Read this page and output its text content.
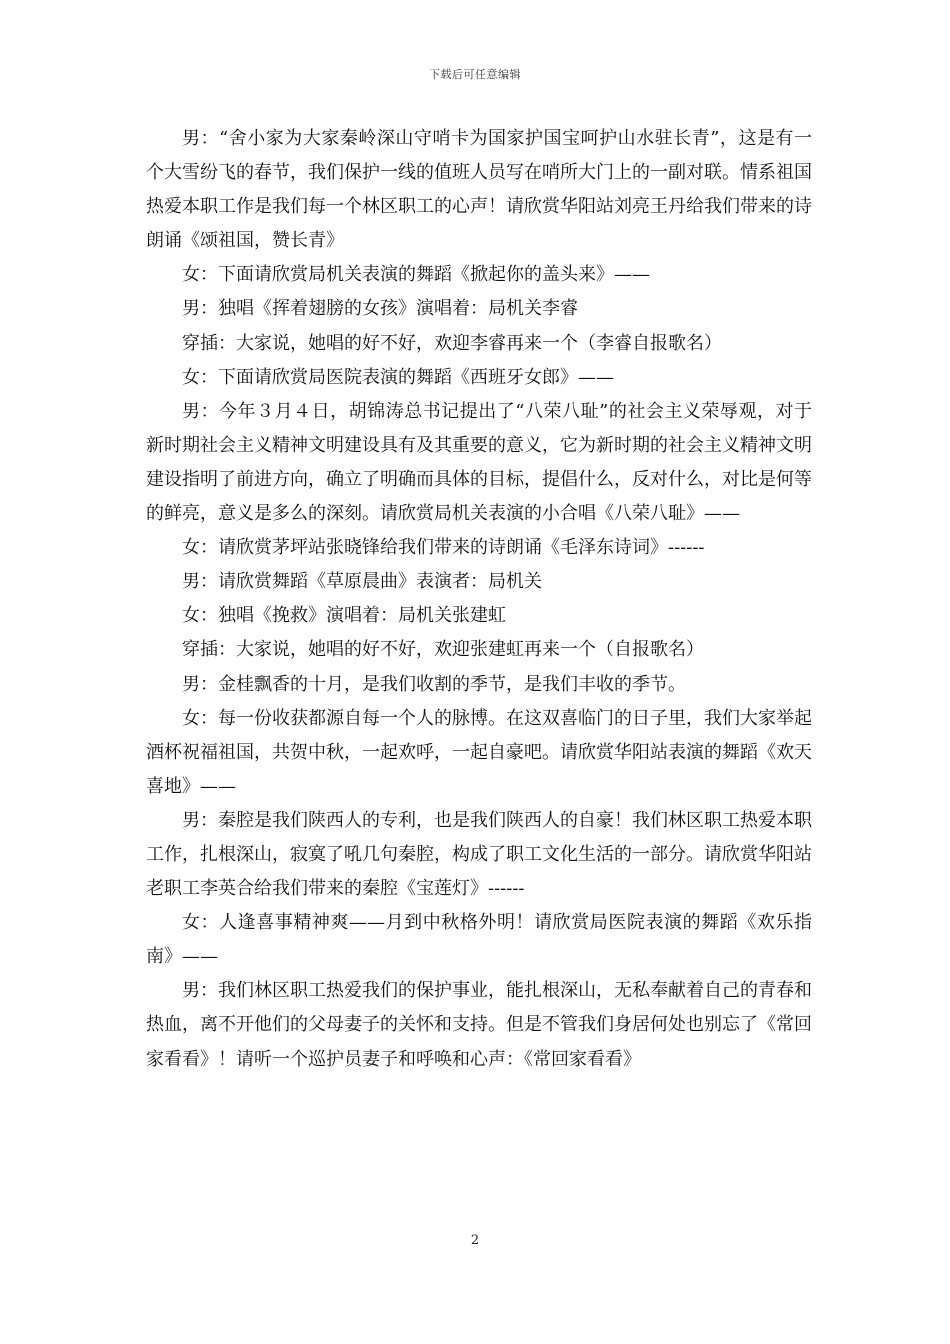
下载后可任意编辑

男：“舍小家为大家秦岭深山守哨卡为国家护国宝呵护山水驻长青”，这是有一个大雪纷飞的春节，我们保护一线的值班人员写在哨所大门上的一副对联。情系祖国热爱本职工作是我们每一个林区职工的心声！请欣赏华阳站刘亮王丹给我们带来的诗朗诵《颂祖国，赞长青》

女：下面请欣赏局机关表演的舞蹈《掀起你的盖头来》——

男：独唱《挥着翅膀的女孩》演唱着：局机关李睿

穿插：大家说，她唱的好不好，欢迎李睿再来一个（李睿自报歌名）

女：下面请欣赏局医院表演的舞蹈《西班牙女郎》——

男：今年３月４日，胡锦涛总书记提出了“八荣八耻”的社会主义荣辱观，对于新时期社会主义精神文明建设具有及其重要的意义，它为新时期的社会主义精神文明建设指明了前进方向，确立了明确而具体的目标，提倡什么，反对什么，对比是何等的鲜亮，意义是多么的深刻。请欣赏局机关表演的小合唱《八荣八耻》——

女：请欣赏茅坪站张晓锋给我们带来的诗朗诵《毛泽东诗词》------

男：请欣赏舞蹈《草原晨曲》表演者：局机关

女：独唱《挽救》演唱着：局机关张建虹

穿插：大家说，她唱的好不好，欢迎张建虹再来一个（自报歌名）

男：金桂飘香的十月，是我们收割的季节，是我们丰收的季节。

女：每一份收获都源自每一个人的脉博。在这双喜临门的日子里，我们大家举起酒杯祝福祖国，共贺中秋，一起欢呼，一起自豪吧。请欣赏华阳站表演的舞蹈《欢天喜地》——

男：秦腔是我们陕西人的专利，也是我们陕西人的自豪！我们林区职工热爱本职工作，扎根深山，寂寞了吼几句秦腔，构成了职工文化生活的一部分。请欣赏华阳站老职工李英合给我们带来的秦腔《宝莲灯》------

女：人逢喜事精神爽——月到中秋格外明！请欣赏局医院表演的舞蹈《欢乐指南》——

男：我们林区职工热爱我们的保护事业，能扎根深山，无私奉献着自己的青春和热血，离不开他们的父母妻子的关怀和支持。但是不管我们身居何处也别忘了《常回家看看》！请听一个巡护员妻子和呼唤和心声：《常回家看看》

2
